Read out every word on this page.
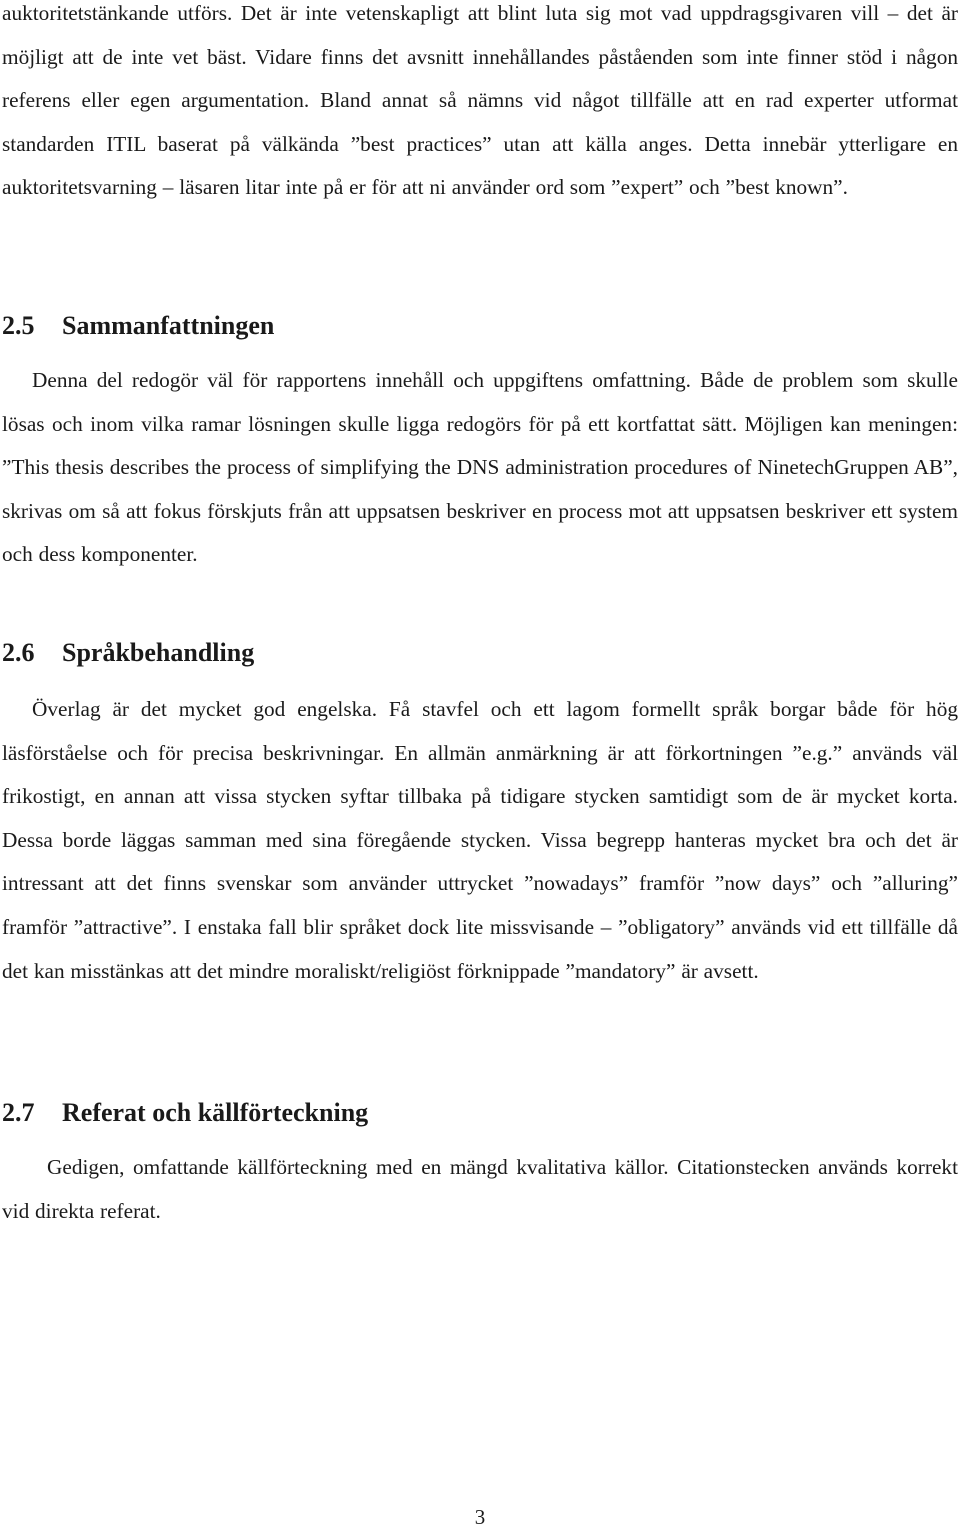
auktoritetstänkande utförs. Det är inte vetenskapligt att blint luta sig mot vad uppdragsgivaren vill – det är möjligt att de inte vet bäst. Vidare finns det avsnitt innehållandes påståenden som inte finner stöd i någon referens eller egen argumentation. Bland annat så nämns vid något tillfälle att en rad experter utformat standarden ITIL baserat på välkända ”best practices” utan att källa anges. Detta innebär ytterligare en auktoritetsvarning – läsaren litar inte på er för att ni använder ord som ”expert” och ”best known”.

2.5 Sammanfattningen

Denna del redogör väl för rapportens innehåll och uppgiftens omfattning. Både de problem som skulle lösas och inom vilka ramar lösningen skulle ligga redogörs för på ett kortfattat sätt. Möjligen kan meningen: ”This thesis describes the process of simplifying the DNS administration procedures of NinetechGruppen AB”, skrivas om så att fokus förskjuts från att uppsatsen beskriver en process mot att uppsatsen beskriver ett system och dess komponenter.

2.6 Språkbehandling

Överlag är det mycket god engelska. Få stavfel och ett lagom formellt språk borgar både för hög läsförståelse och för precisa beskrivningar. En allmän anmärkning är att förkortningen ”e.g.” används väl frikostigt, en annan att vissa stycken syftar tillbaka på tidigare stycken samtidigt som de är mycket korta. Dessa borde läggas samman med sina föregående stycken. Vissa begrepp hanteras mycket bra och det är intressant att det finns svenskar som använder uttrycket ”nowadays” framför ”now days” och ”alluring” framför ”attractive”. I enstaka fall blir språket dock lite missvisande – ”obligatory” används vid ett tillfälle då det kan misstänkas att det mindre moraliskt/religiöst förknippade ”mandatory” är avsett.

2.7 Referat och källförteckning

Gedigen, omfattande källförteckning med en mängd kvalitativa källor. Citationstecken används korrekt vid direkta referat.

3
